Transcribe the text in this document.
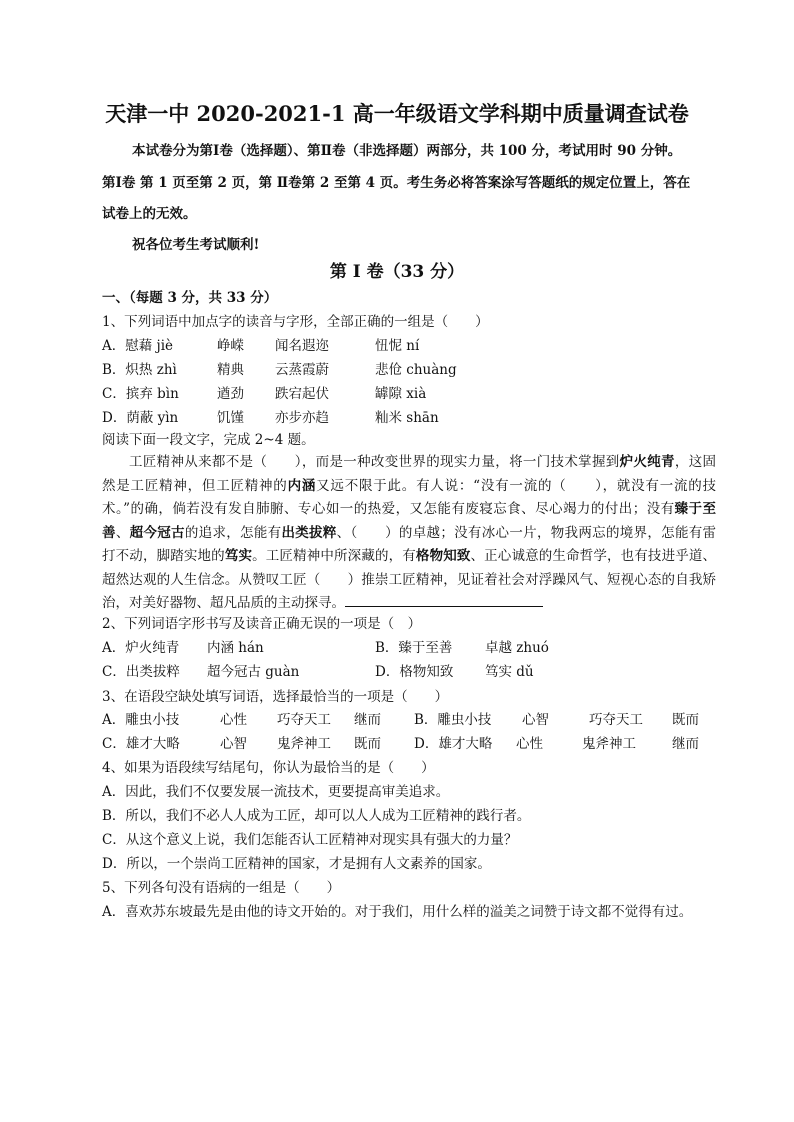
天津一中 2020-2021-1 高一年级语文学科期中质量调查试卷
本试卷分为第Ⅰ卷（选择题）、第Ⅱ卷（非选择题）两部分，共 100 分，考试用时 90 分钟。
第Ⅰ卷 第 1 页至第 2 页，第 Ⅱ卷第 2 至第 4 页。考生务必将答案涂写答题纸的规定位置上，答在
试卷上的无效。
祝各位考生考试顺利!
第 Ⅰ 卷（33 分）
一、（每题 3 分，共 33 分）
1、下列词语中加点字的读音与字形，全部正确的一组是（　　）
A．慰藉 jiè	峥嵘 闻名遐迩	忸怩 ní
B．炽热 zhì	精典 云蒸霞蔚	悲伧 chuàng
C．摈弃 bìn	遒劲 跌宕起伏	罅隙 xià
D．荫蔽 yìn	饥馑 亦步亦趋	籼米 shān
阅读下面一段文字，完成 2~4 题。
工匠精神从来都不是（　　），而是一种改变世界的现实力量，将一门技术掌握到炉火纯青，这固然是工匠精神，但工匠精神的内涵又远不限于此。有人说：“没有一流的（　　），就没有一流的技术。”的确，倘若没有发自肺腑、专心如一的热爱，又怎能有废寝忘食、尽心竭力的付出；没有臻于至善、超今冠古的追求，怎能有出类拔粹、（　　）的卓越；没有冰心一片，物我两忘的境界，怎能有雷打不动，脚踏实地的笃实。工匠精神中所深藏的，有格物知致、正心诚意的生命哲学，也有技进乎道、超然达观的人生信念。从赞叹工匠（　　）推崇工匠精神，见证着社会对浮躁风气、短视心态的自我矫治，对美好器物、超凡品质的主动探寻。
2、下列词语字形书写及读音正确无误的一项是（　）
A．炉火纯青 内涵 hán	B．臻于至善 卓越 zhuó
C．出类拔粹 超今冠古 guàn	D．格物知致 笃实 dǔ
3、在语段空缺处填写词语，选择最恰当的一项是（　　）
A．雕虫小技	心性 巧夺天工 继而 B．雕虫小技 心智	巧夺天工 既而
C．雄才大略	心智 鬼斧神工 既而 D．雄才大略 心性	鬼斧神工	继而
4、如果为语段续写结尾句，你认为最恰当的是（　　）
A．因此，我们不仅要发展一流技术，更要提高审美追求。
B．所以，我们不必人人成为工匠，却可以人人成为工匠精神的践行者。
C．从这个意义上说，我们怎能否认工匠精神对现实具有强大的力量？
D．所以，一个崇尚工匠精神的国家，才是拥有人文素养的国家。
5、下列各句没有语病的一组是（　　）
A．喜欢苏东坡最先是由他的诗文开始的。对于我们，用什么样的溢美之词赞于诗文都不觉得有过。
